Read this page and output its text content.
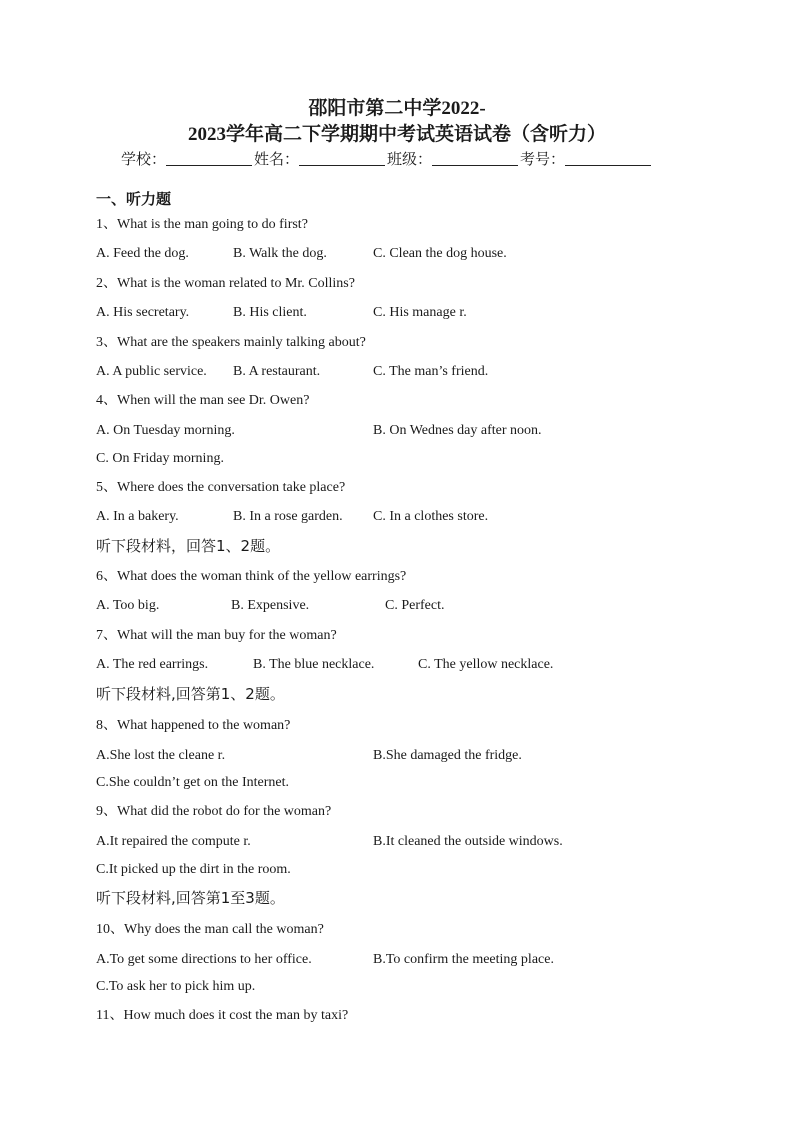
邵阳市第二中学2022-
2023学年高二下学期期中考试英语试卷（含听力）
学校：	姓名：	班级：	考号：
一、听力题
1、What is the man going to do first?
A. Feed the dog.	B. Walk the dog.	C. Clean the dog house.
2、What is the woman related to Mr. Collins?
A. His secretary.	B. His client.	C. His manage r.
3、What are the speakers mainly talking about?
A. A public service. B. A restaurant.	C. The man’s friend.
4、When will the man see Dr. Owen?
A. On Tuesday morning.	B. On Wednes day after noon.
C. On Friday morning.
5、Where does the conversation take place?
A. In a bakery.	B. In a rose garden. C. In a clothes store.
听下段材料，回答1、2题。
6、What does the woman think of the yellow earrings?
A. Too big.	B. Expensive.	C. Perfect.
7、What will the man buy for the woman?
A. The red earrings.	B. The blue necklace.	C. The yellow necklace.
听下段材料,回答第1、2题。
8、What happened to the woman?
A.She lost the cleane r.	B.She damaged the fridge.
C.She couldn’t get on the Internet.
9、What did the robot do for the woman?
A.It repaired the compute r.	B.It cleaned the outside windows.
C.It picked up the dirt in the room.
听下段材料,回答第1至3题。
10、Why does the man call the woman?
A.To get some directions to her office.	B.To confirm the meeting place.
C.To ask her to pick him up.
11、How much does it cost the man by taxi?
